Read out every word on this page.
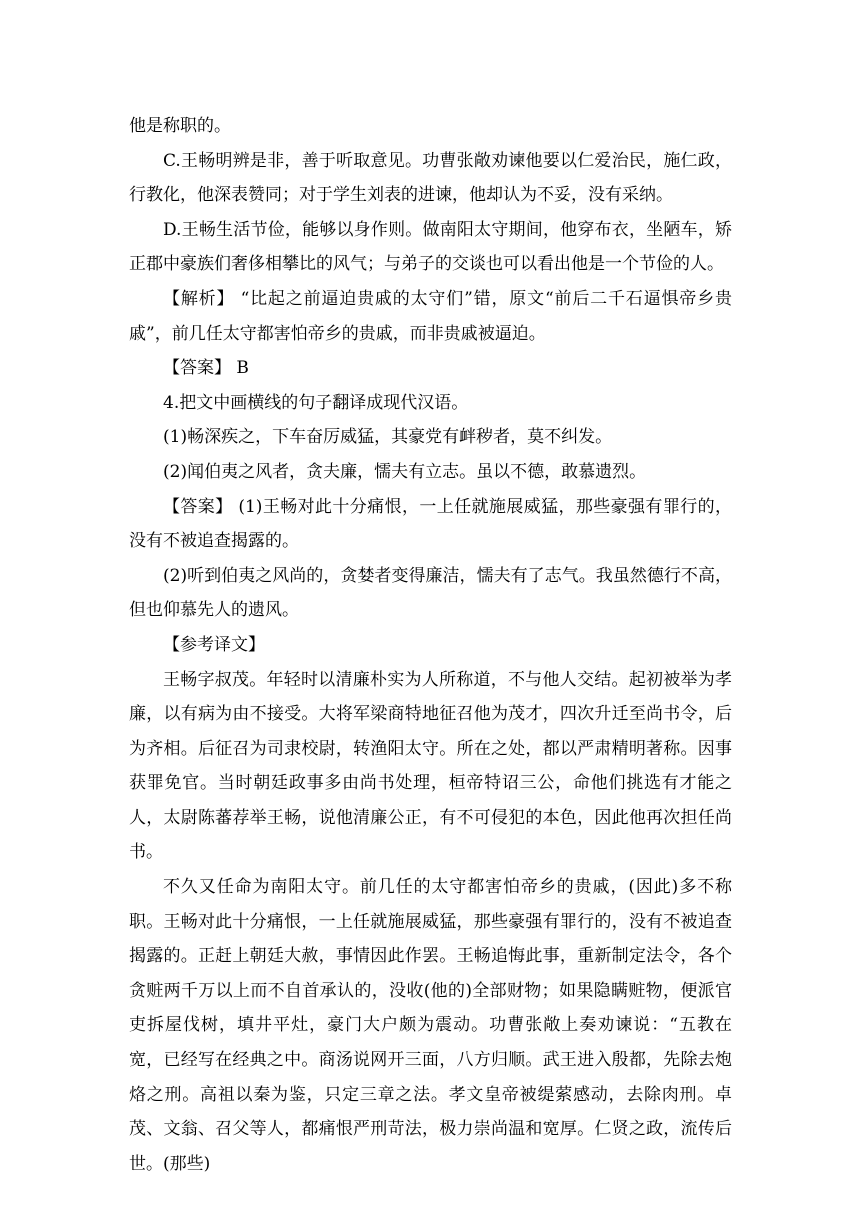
他是称职的。

C.王畅明辨是非，善于听取意见。功曹张敞劝谏他要以仁爱治民，施仁政，行教化，他深表赞同；对于学生刘表的进谏，他却认为不妥，没有采纳。

D.王畅生活节俭，能够以身作则。做南阳太守期间，他穿布衣，坐陋车，矫正郡中豪族们奢侈相攀比的风气；与弟子的交谈也可以看出他是一个节俭的人。

【解析】 “比起之前逼迫贵戚的太守们”错，原文“前后二千石逼惧帝乡贵戚”，前几任太守都害怕帝乡的贵戚，而非贵戚被逼迫。

【答案】 B

4.把文中画横线的句子翻译成现代汉语。

(1)畅深疾之，下车奋厉威猛，其豪党有衅秽者，莫不纠发。

(2)闻伯夷之风者，贪夫廉，懦夫有立志。虽以不德，敢慕遗烈。

【答案】 (1)王畅对此十分痛恨，一上任就施展威猛，那些豪强有罪行的，没有不被追查揭露的。

(2)听到伯夷之风尚的，贪婪者变得廉洁，懦夫有了志气。我虽然德行不高，但也仰慕先人的遗风。

【参考译文】

王畅字叔茂。年轻时以清廉朴实为人所称道，不与他人交结。起初被举为孝廉，以有病为由不接受。大将军梁商特地征召他为茂才，四次升迁至尚书令，后为齐相。后征召为司隶校尉，转渔阳太守。所在之处，都以严肃精明著称。因事获罪免官。当时朝廷政事多由尚书处理，桓帝特诏三公，命他们挑选有才能之人，太尉陈蕃荐举王畅，说他清廉公正，有不可侵犯的本色，因此他再次担任尚书。

不久又任命为南阳太守。前几任的太守都害怕帝乡的贵戚，(因此)多不称职。王畅对此十分痛恨，一上任就施展威猛，那些豪强有罪行的，没有不被追查揭露的。正赶上朝廷大赦，事情因此作罢。王畅追悔此事，重新制定法令，各个贪赃两千万以上而不自首承认的，没收(他的)全部财物；如果隐瞒赃物，便派官吏拆屋伐树，填井平灶，豪门大户颇为震动。功曹张敞上奏劝谏说：“五教在宽，已经写在经典之中。商汤说网开三面，八方归顺。武王进入殷都，先除去炮烙之刑。高祖以秦为鉴，只定三章之法。孝文皇帝被缇萦感动，去除肉刑。卓茂、文翁、召父等人，都痛恨严刑苛法，极力崇尚温和宽厚。仁贤之政，流传后世。(那些)
